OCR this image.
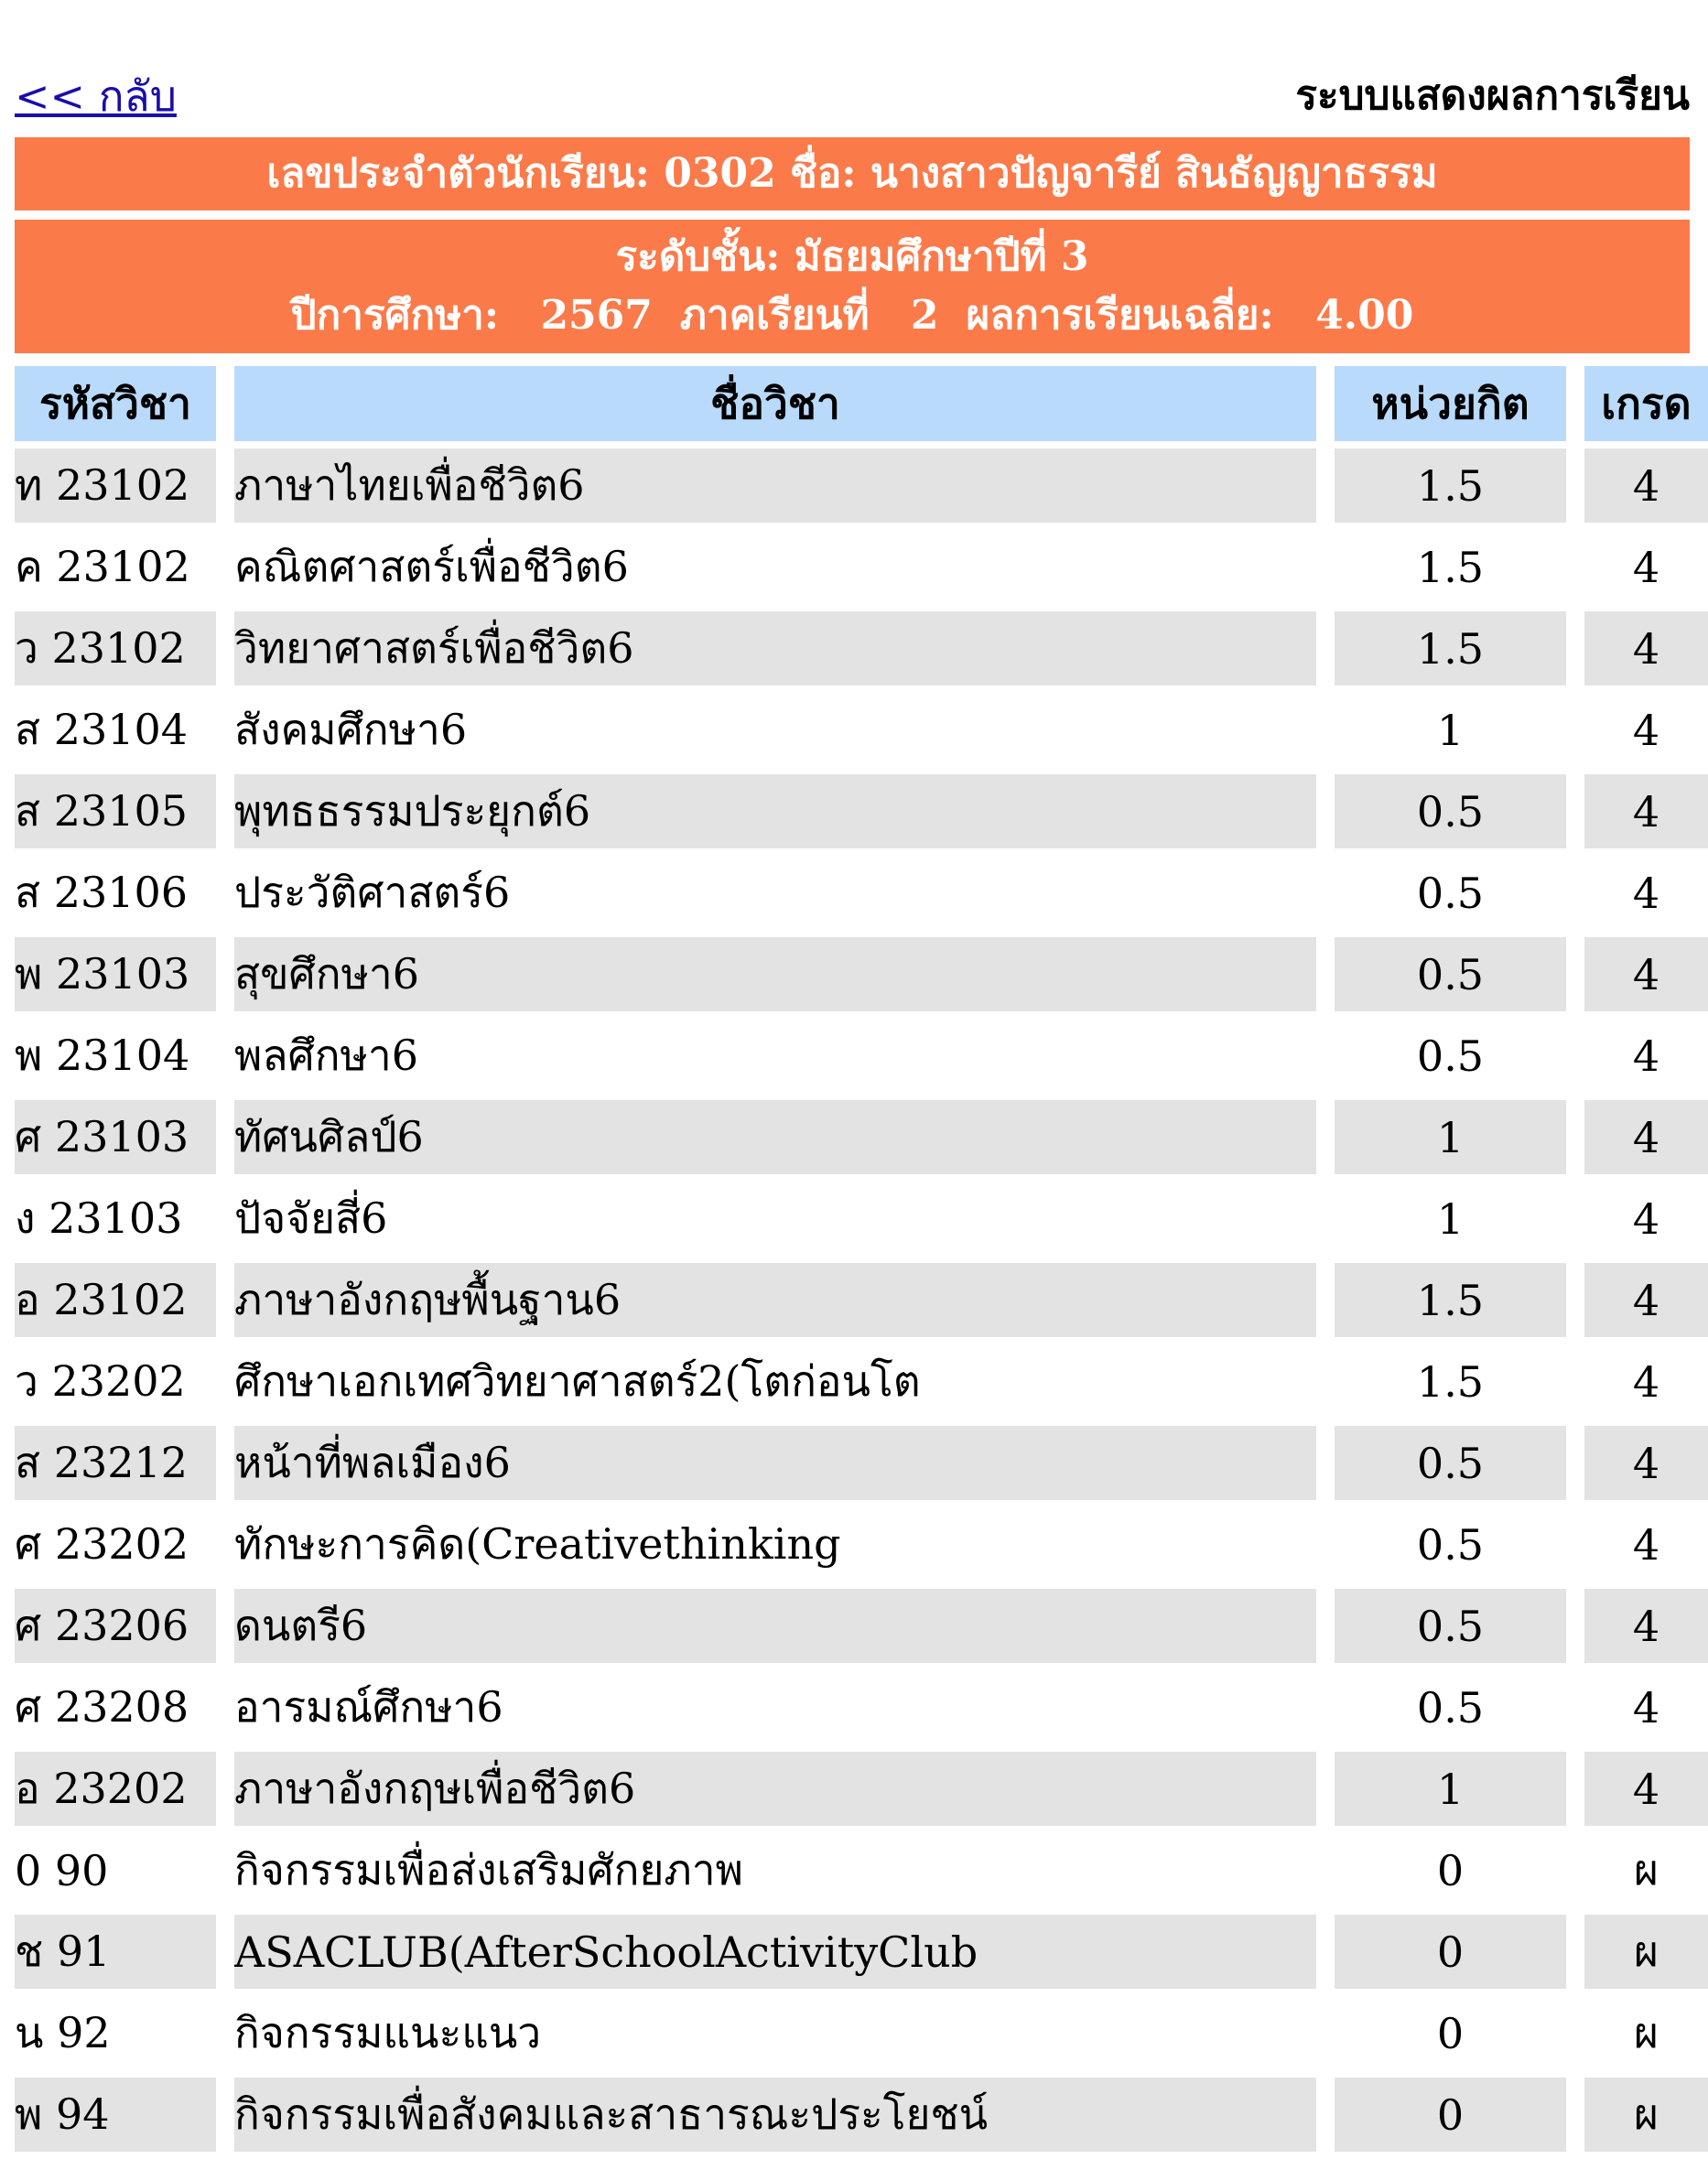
<< กลับ	ระบบแสดงผลการเรียน
เลขประจำตัวนักเรียน:
0302
ชื่อ:
นางสาวปัญจารีย์ สินธัญญาธรรม
ระดับชั้น: มัธยมศึกษาปีที่ 3
ปีการศึกษา: 2567 ภาคเรียนที่ 2 ผลการเรียนเฉลี่ย: 4.00
รหัสวิชา		ชื่อวิชา		หน่วยกิต		เกรด
ท 23102		ภาษาไทยเพื่อชีวิต6		1.5		4
ค 23102		คณิตศาสตร์เพื่อชีวิต6		1.5		4
ว 23102		วิทยาศาสตร์เพื่อชีวิต6		1.5		4
ส 23104		สังคมศึกษา6		1		4
ส 23105		พุทธธรรมประยุกต์6		0.5		4
ส 23106		ประวัติศาสตร์6		0.5		4
พ 23103		สุขศึกษา6		0.5		4
พ 23104		พลศึกษา6		0.5		4
ศ 23103		ทัศนศิลป์6		1		4
ง 23103		ปัจจัยสี่6		1		4
อ 23102		ภาษาอังกฤษพื้นฐาน6		1.5		4
ว 23202		ศึกษาเอกเทศวิทยาศาสตร์2(โตก่อนโต		1.5		4
ส 23212		หน้าที่พลเมือง6		0.5		4
ศ 23202		ทักษะการคิด(Creativethinking		0.5		4
ศ 23206		ดนตรี6		0.5		4
ศ 23208		อารมณ์ศึกษา6		0.5		4
อ 23202		ภาษาอังกฤษเพื่อชีวิต6		1		4
0 90		กิจกรรมเพื่อส่งเสริมศักยภาพ		0		ผ
ช 91		ASACLUB(AfterSchoolActivityClub		0		ผ
น 92		กิจกรรมแนะแนว		0		ผ
พ 94		กิจกรรมเพื่อสังคมและสาธารณะประโยชน์		0		ผ
